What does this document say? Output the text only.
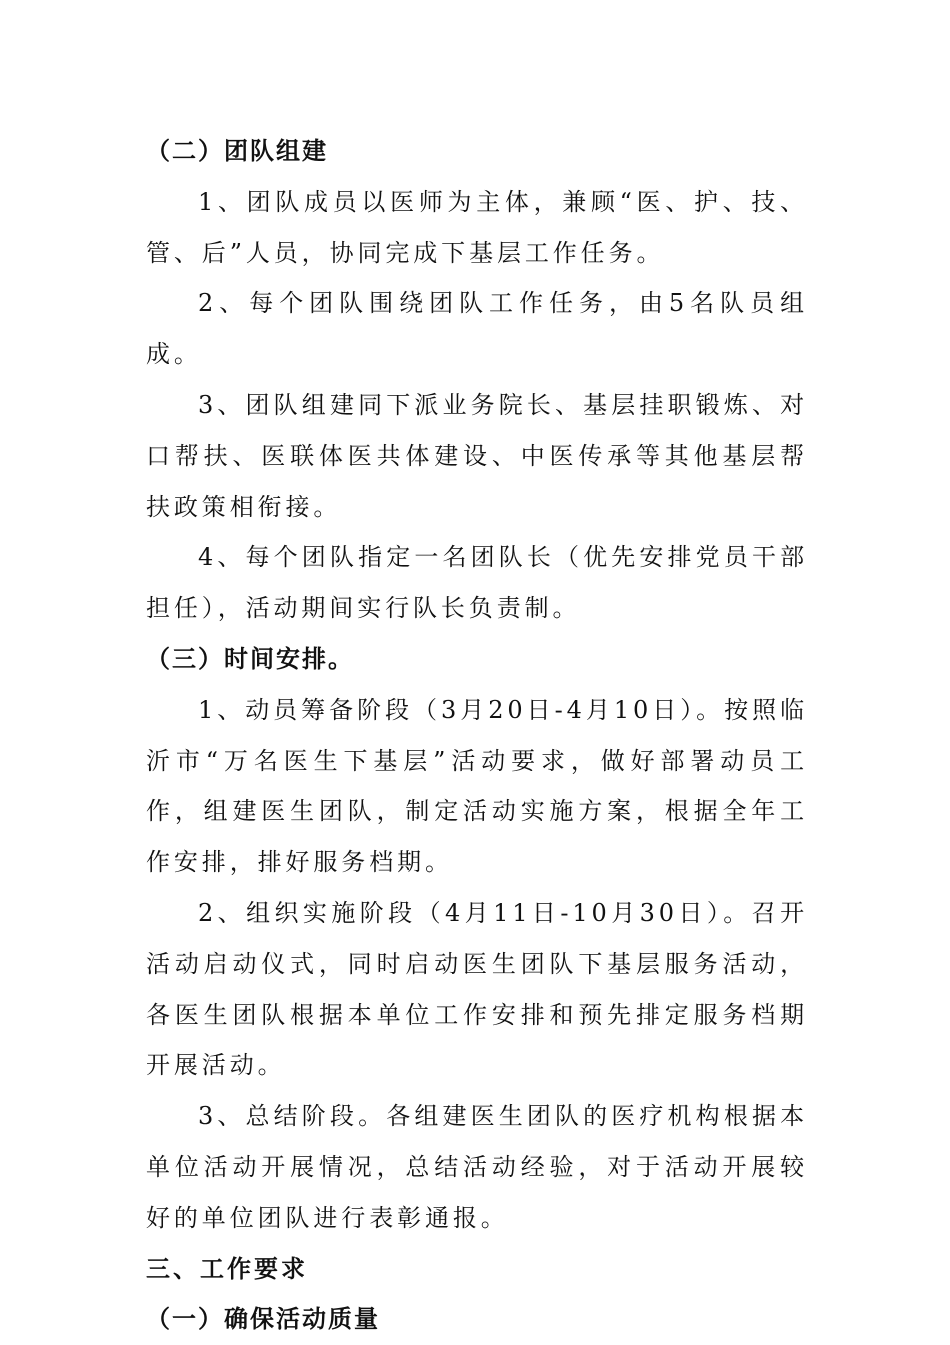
（二）团队组建

1、团队成员以医师为主体，兼顾“医、护、技、管、后”人员，协同完成下基层工作任务。

2、每个团队围绕团队工作任务，由5名队员组成。

3、团队组建同下派业务院长、基层挂职锻炼、对口帮扶、医联体医共体建设、中医传承等其他基层帮扶政策相衔接。

4、每个团队指定一名团队长（优先安排党员干部担任），活动期间实行队长负责制。

（三）时间安排。

1、动员筹备阶段（3月20日-4月10日）。按照临沂市“万名医生下基层”活动要求，做好部署动员工作，组建医生团队，制定活动实施方案，根据全年工作安排，排好服务档期。

2、组织实施阶段（4月11日-10月30日）。召开活动启动仪式，同时启动医生团队下基层服务活动，各医生团队根据本单位工作安排和预先排定服务档期开展活动。

3、总结阶段。各组建医生团队的医疗机构根据本单位活动开展情况，总结活动经验，对于活动开展较好的单位团队进行表彰通报。

三、工作要求

（一）确保活动质量
